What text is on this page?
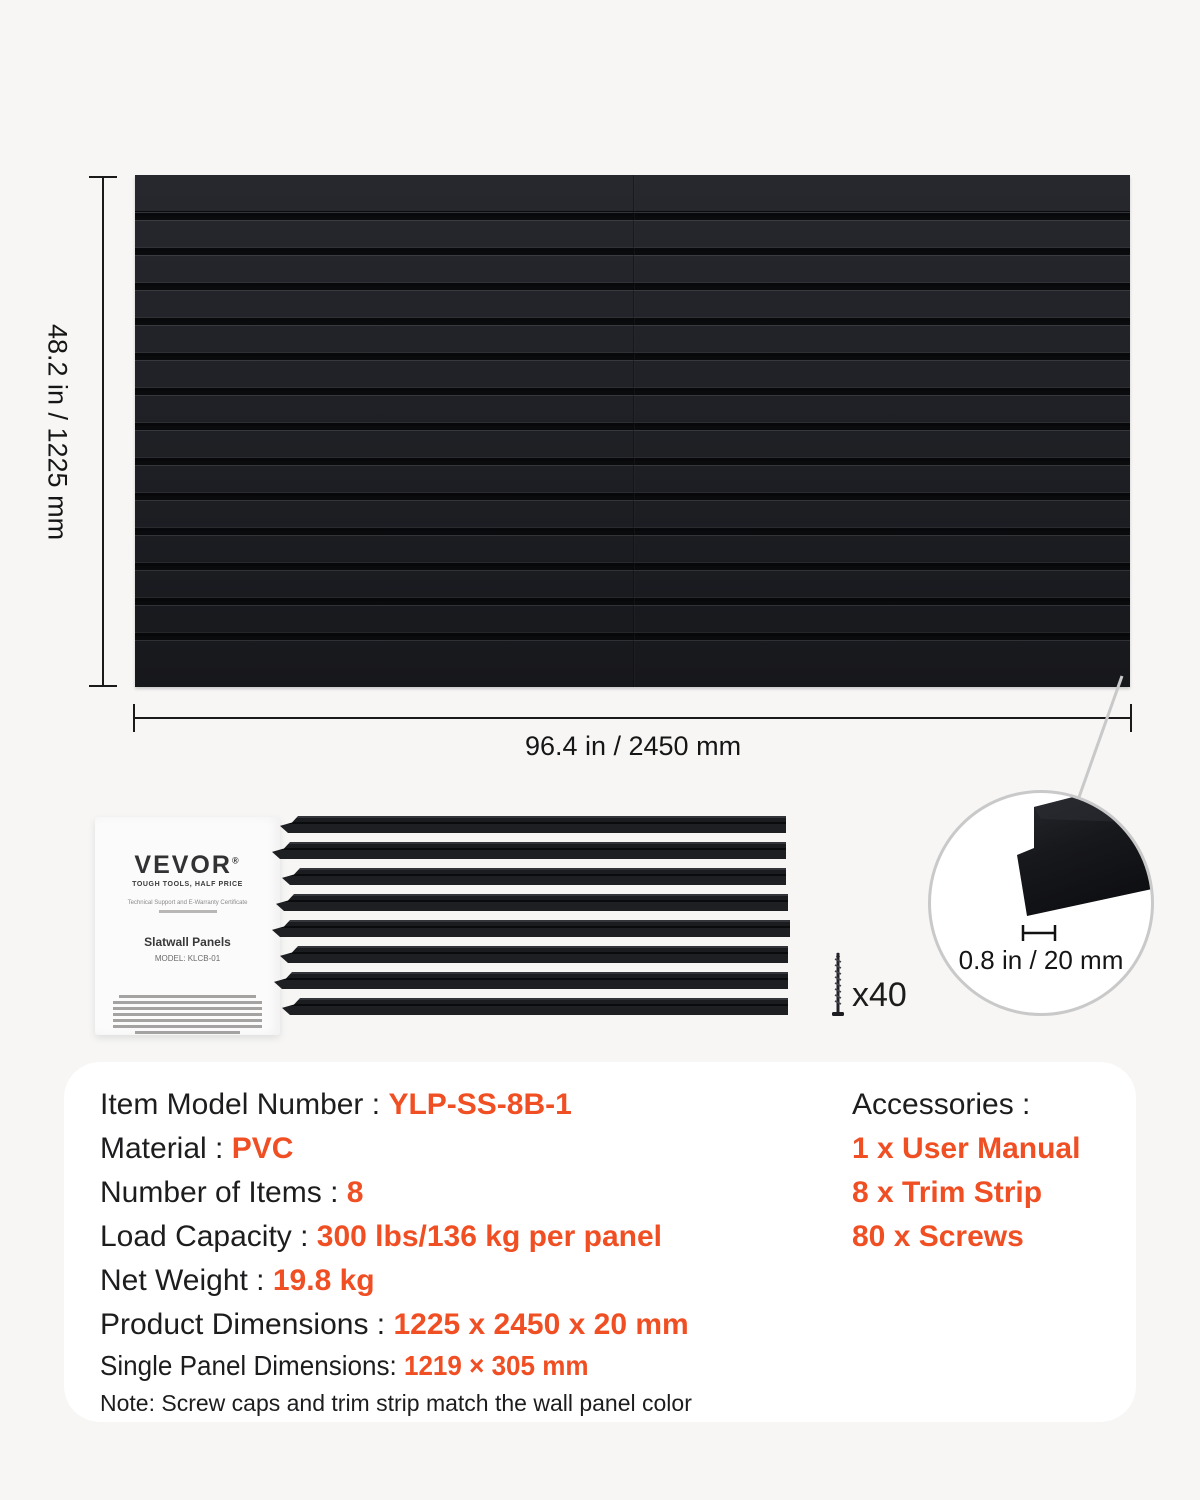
48.2 in / 1225 mm
96.4 in / 2450 mm
VEVOR®
TOUGH TOOLS, HALF PRICE
Technical Support and E-Warranty Certificate
Slatwall Panels
MODEL: KLCB-01
x40
0.8 in / 20 mm
Item Model Number : YLP-SS-8B-1
Material : PVC
Number of Items : 8
Load Capacity : 300 lbs/136 kg per panel
Net Weight : 19.8 kg
Product Dimensions : 1225 x 2450 x 20 mm
Single Panel Dimensions: 1219 × 305 mm
Note: Screw caps and trim strip match the wall panel color
Accessories :
1 x User Manual
8 x Trim Strip
80 x Screws
